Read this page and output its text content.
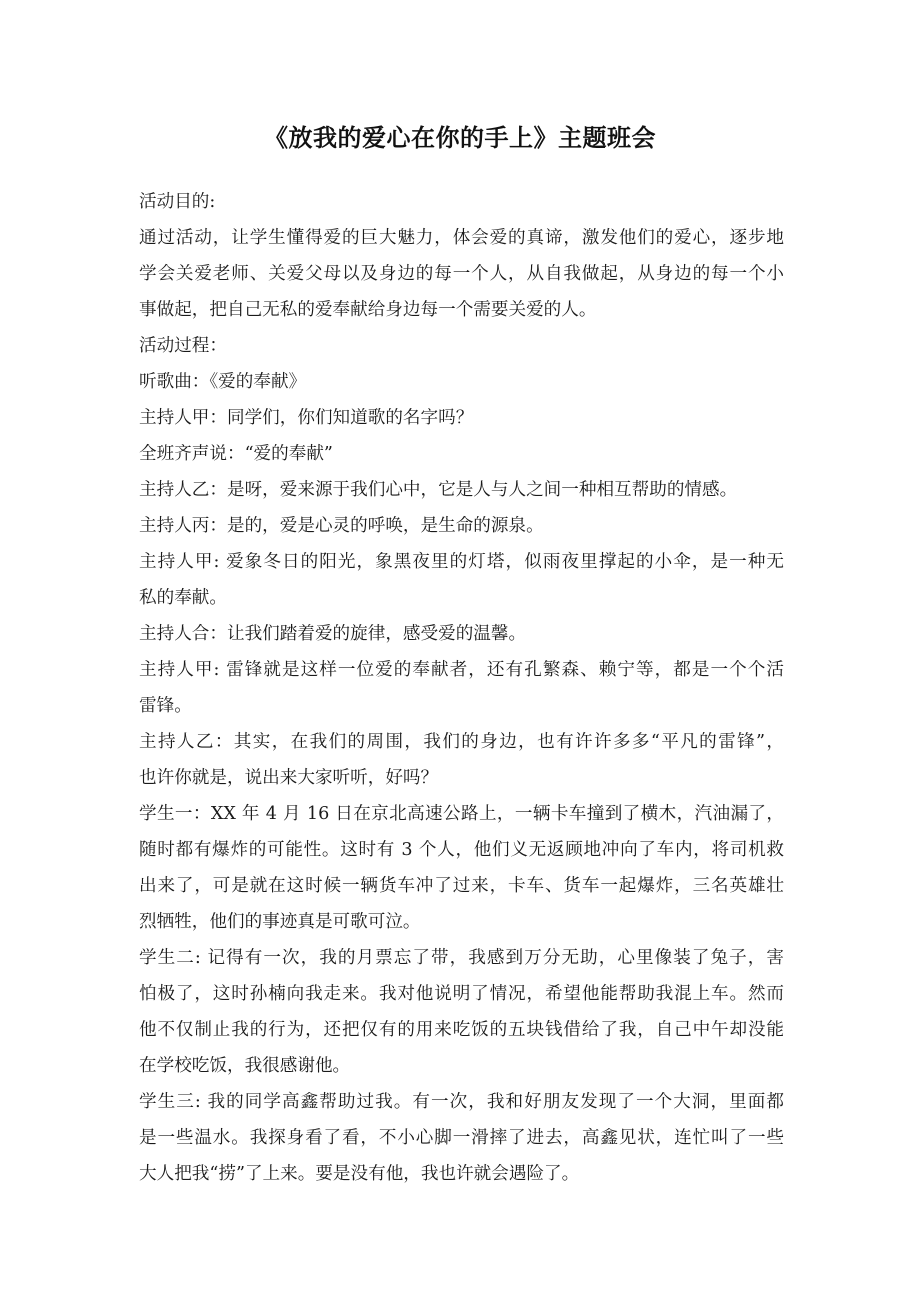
《放我的爱心在你的手上》主题班会
活动目的:
通过活动，让学生懂得爱的巨大魅力，体会爱的真谛，激发他们的爱心，逐步地
学会关爱老师、关爱父母以及身边的每一个人，从自我做起，从身边的每一个小
事做起，把自己无私的爱奉献给身边每一个需要关爱的人。
活动过程：
听歌曲：《爱的奉献》
主持人甲：同学们，你们知道歌的名字吗？
全班齐声说：“爱的奉献”
主持人乙：是呀，爱来源于我们心中，它是人与人之间一种相互帮助的情感。
主持人丙：是的，爱是心灵的呼唤，是生命的源泉。
主持人甲: 爱象冬日的阳光，象黑夜里的灯塔，似雨夜里撑起的小伞，是一种无
私的奉献。
主持人合：让我们踏着爱的旋律，感受爱的温馨。
主持人甲: 雷锋就是这样一位爱的奉献者，还有孔繁森、赖宁等，都是一个个活
雷锋。
主持人乙：其实，在我们的周围，我们的身边，也有许许多多“平凡的雷锋”，
也许你就是，说出来大家听听，好吗？
学生一：XX 年 4 月 16 日在京北高速公路上，一辆卡车撞到了横木，汽油漏了，
随时都有爆炸的可能性。这时有 3 个人，他们义无返顾地冲向了车内，将司机救
出来了，可是就在这时候一辆货车冲了过来，卡车、货车一起爆炸，三名英雄壮
烈牺牲，他们的事迹真是可歌可泣。
学生二: 记得有一次，我的月票忘了带，我感到万分无助，心里像装了兔子，害
怕极了，这时孙楠向我走来。我对他说明了情况，希望他能帮助我混上车。然而
他不仅制止我的行为，还把仅有的用来吃饭的五块钱借给了我，自己中午却没能
在学校吃饭，我很感谢他。
学生三: 我的同学高鑫帮助过我。有一次，我和好朋友发现了一个大洞，里面都
是一些温水。我探身看了看，不小心脚一滑摔了进去，高鑫见状，连忙叫了一些
大人把我“捞”了上来。要是没有他，我也许就会遇险了。
